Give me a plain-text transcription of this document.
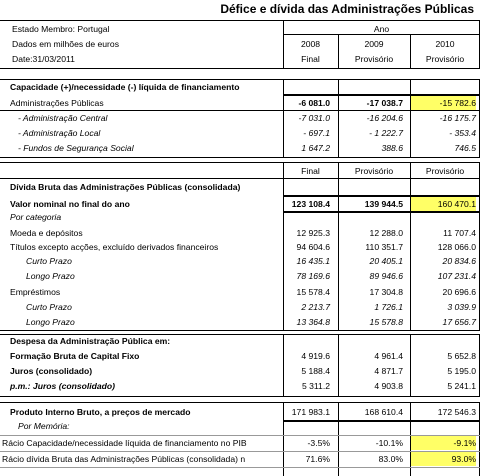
Défice e dívida das Administrações Públicas
Estado Membro: Portugal	Ano
Dados em milhões de euros	2008	2009	2010
Date:31/03/2011	Final	Provisório	Provisório
Capacidade (+)/necessidade (-) líquida de financiamento
Administrações Públicas	-6 081.0	-17 038.7	-15 782.6
- Administração Central	-7 031.0	-16 204.6	-16 175.7
- Administração Local	- 697.1	- 1 222.7	- 353.4
- Fundos de Segurança Social	1 647.2	388.6	746.5
Final	Provisório	Provisório
Dívida Bruta das Administrações Públicas (consolidada)
Valor nominal no final do ano	123 108.4	139 944.5	160 470.1
Por categoria
Moeda e depósitos	12 925.3	12 288.0	11 707.4
Títulos excepto acções, excluído derivados financeiros	94 604.6	110 351.7	128 066.0
Curto Prazo	16 435.1	20 405.1	20 834.6
Longo Prazo	78 169.6	89 946.6	107 231.4
Empréstimos	15 578.4	17 304.8	20 696.6
Curto Prazo	2 213.7	1 726.1	3 039.9
Longo Prazo	13 364.8	15 578.8	17 656.7
Despesa da Administração Pública em:
Formação Bruta de Capital Fixo	4 919.6	4 961.4	5 652.8
Juros (consolidado)	5 188.4	4 871.7	5 195.0
p.m.: Juros (consolidado)	5 311.2	4 903.8	5 241.1
Produto Interno Bruto, a preços de mercado	171 983.1	168 610.4	172 546.3
Por Memória:
Rácio Capacidade/necessidade líquida de financiamento no PIB	-3.5%	-10.1%	-9.1%
Rácio dívida Bruta das Administrações Públicas (consolidada) n	71.6%	83.0%	93.0%
